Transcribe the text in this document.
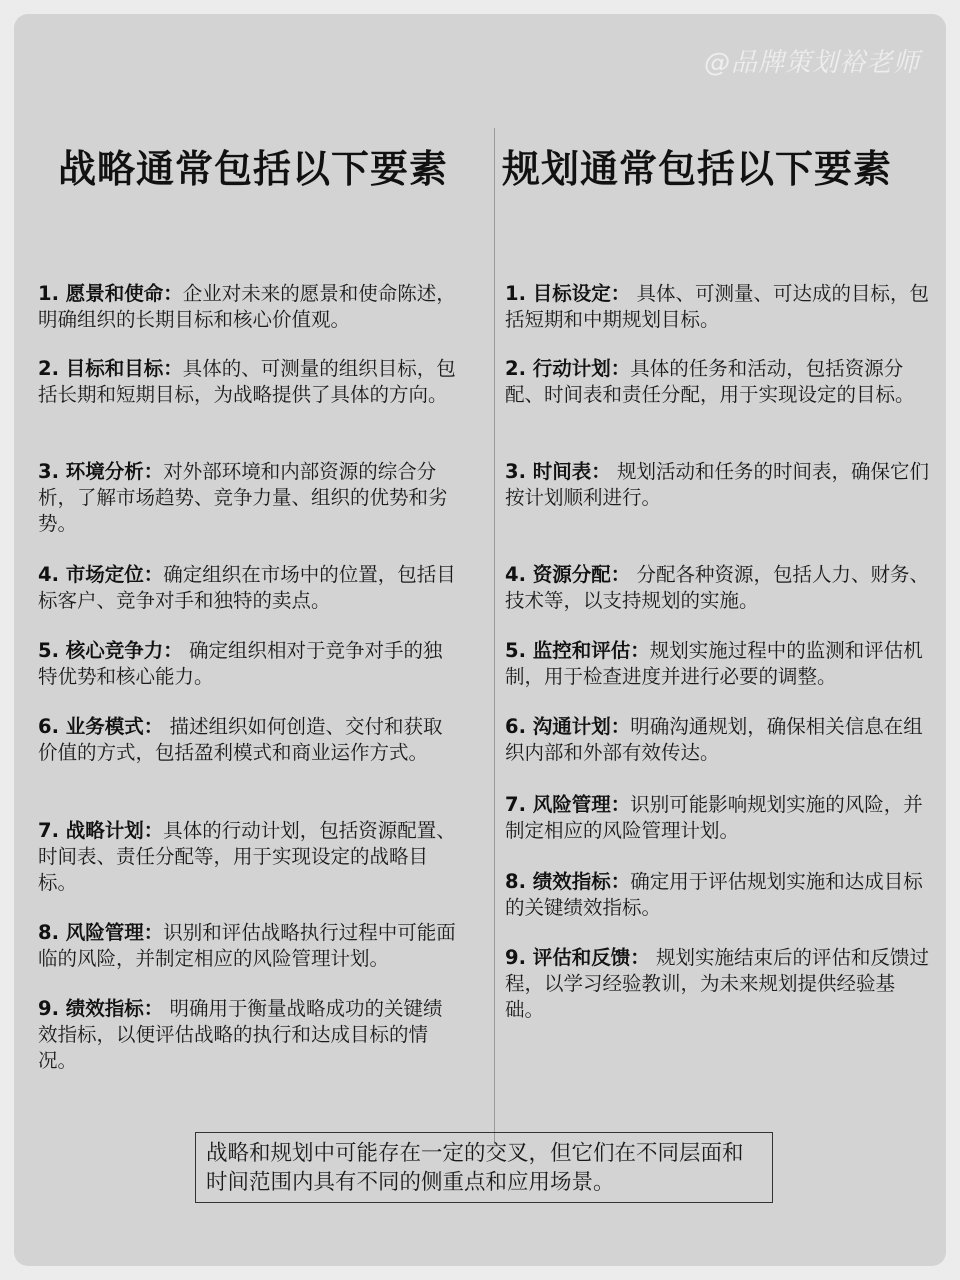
@品牌策划裕老师
战略通常包括以下要素 规划通常包括以下要素

1. 愿景和使命：企业对未来的愿景和使命陈述，明确组织的长期目标和核心价值观。

2. 目标和目标：具体的、可测量的组织目标，包括长期和短期目标，为战略提供了具体的方向。

3. 环境分析：对外部环境和内部资源的综合分析，了解市场趋势、竞争力量、组织的优势和劣势。

4. 市场定位：确定组织在市场中的位置，包括目标客户、竞争对手和独特的卖点。

5. 核心竞争力： 确定组织相对于竞争对手的独特优势和核心能力。

6. 业务模式： 描述组织如何创造、交付和获取价值的方式，包括盈利模式和商业运作方式。

7. 战略计划：具体的行动计划，包括资源配置、时间表、责任分配等，用于实现设定的战略目标。

8. 风险管理：识别和评估战略执行过程中可能面临的风险，并制定相应的风险管理计划。

9. 绩效指标： 明确用于衡量战略成功的关键绩效指标，以便评估战略的执行和达成目标的情况。

1. 目标设定： 具体、可测量、可达成的目标，包括短期和中期规划目标。

2. 行动计划：具体的任务和活动，包括资源分配、时间表和责任分配，用于实现设定的目标。

3. 时间表： 规划活动和任务的时间表，确保它们按计划顺利进行。

4. 资源分配： 分配各种资源，包括人力、财务、技术等，以支持规划的实施。

5. 监控和评估：规划实施过程中的监测和评估机制，用于检查进度并进行必要的调整。

6. 沟通计划：明确沟通规划，确保相关信息在组织内部和外部有效传达。

7. 风险管理：识别可能影响规划实施的风险，并制定相应的风险管理计划。

8. 绩效指标：确定用于评估规划实施和达成目标的关键绩效指标。

9. 评估和反馈： 规划实施结束后的评估和反馈过程，以学习经验教训，为未来规划提供经验基础。

战略和规划中可能存在一定的交叉，但它们在不同层面和时间范围内具有不同的侧重点和应用场景。
